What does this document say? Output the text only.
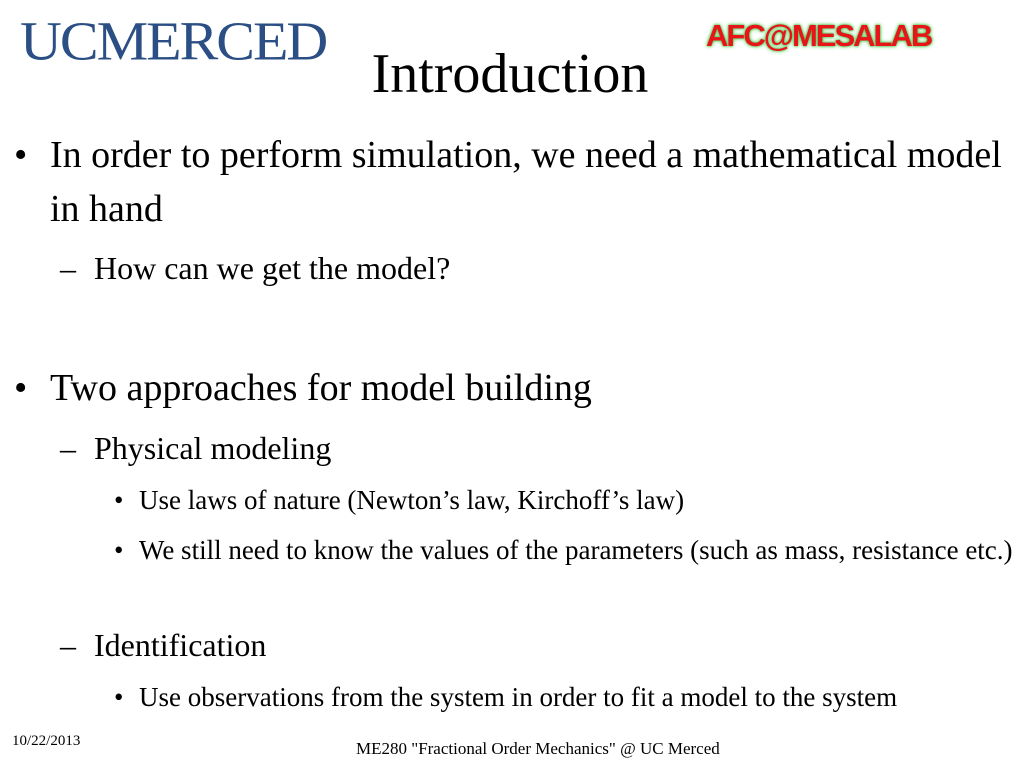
UCMERCED	AFC@MESALAB
Introduction
• In order to perform simulation, we need a mathematical model in hand
– How can we get the model?
• Two approaches for model building
– Physical modeling
• Use laws of nature (Newton’s law, Kirchoff’s law)
• We still need to know the values of the parameters (such as mass, resistance etc.)
– Identification
• Use observations from the system in order to fit a model to the system
10/22/2013	ME280 "Fractional Order Mechanics" @ UC Merced
